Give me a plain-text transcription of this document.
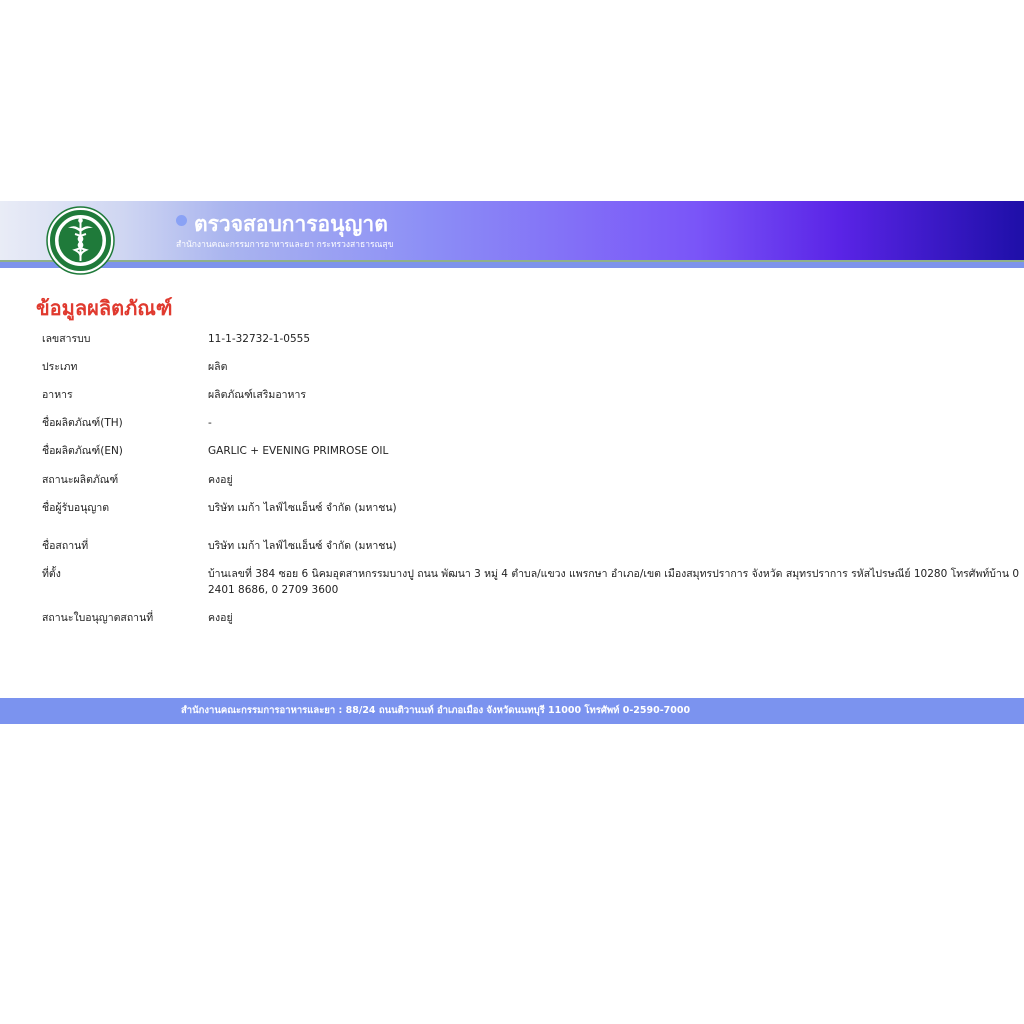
ตรวจสอบการอนุญาต
สำนักงานคณะกรรมการอาหารและยา กระทรวงสาธารณสุข
ข้อมูลผลิตภัณฑ์
เลขสารบบ	11-1-32732-1-0555
ประเภท	ผลิต
อาหาร	ผลิตภัณฑ์เสริมอาหาร
ชื่อผลิตภัณฑ์(TH)	-
ชื่อผลิตภัณฑ์(EN)	GARLIC + EVENING PRIMROSE OIL
สถานะผลิตภัณฑ์	คงอยู่
ชื่อผู้รับอนุญาต	บริษัท เมก้า ไลฟ์ไซแอ็นซ์ จำกัด (มหาชน)
ชื่อสถานที่	บริษัท เมก้า ไลฟ์ไซแอ็นซ์ จำกัด (มหาชน)
ที่ตั้ง	บ้านเลขที่ 384 ซอย 6 นิคมอุตสาหกรรมบางปู ถนน พัฒนา 3 หมู่ 4 ตำบล/แขวง แพรกษา อำเภอ/เขต เมืองสมุทรปราการ จังหวัด สมุทรปราการ รหัสไปรษณีย์ 10280 โทรศัพท์บ้าน 0 2401 8686, 0 2709 3600
สถานะใบอนุญาตสถานที่	คงอยู่
สำนักงานคณะกรรมการอาหารและยา : 88/24 ถนนติวานนท์ อำเภอเมือง จังหวัดนนทบุรี 11000 โทรศัพท์ 0-2590-7000
